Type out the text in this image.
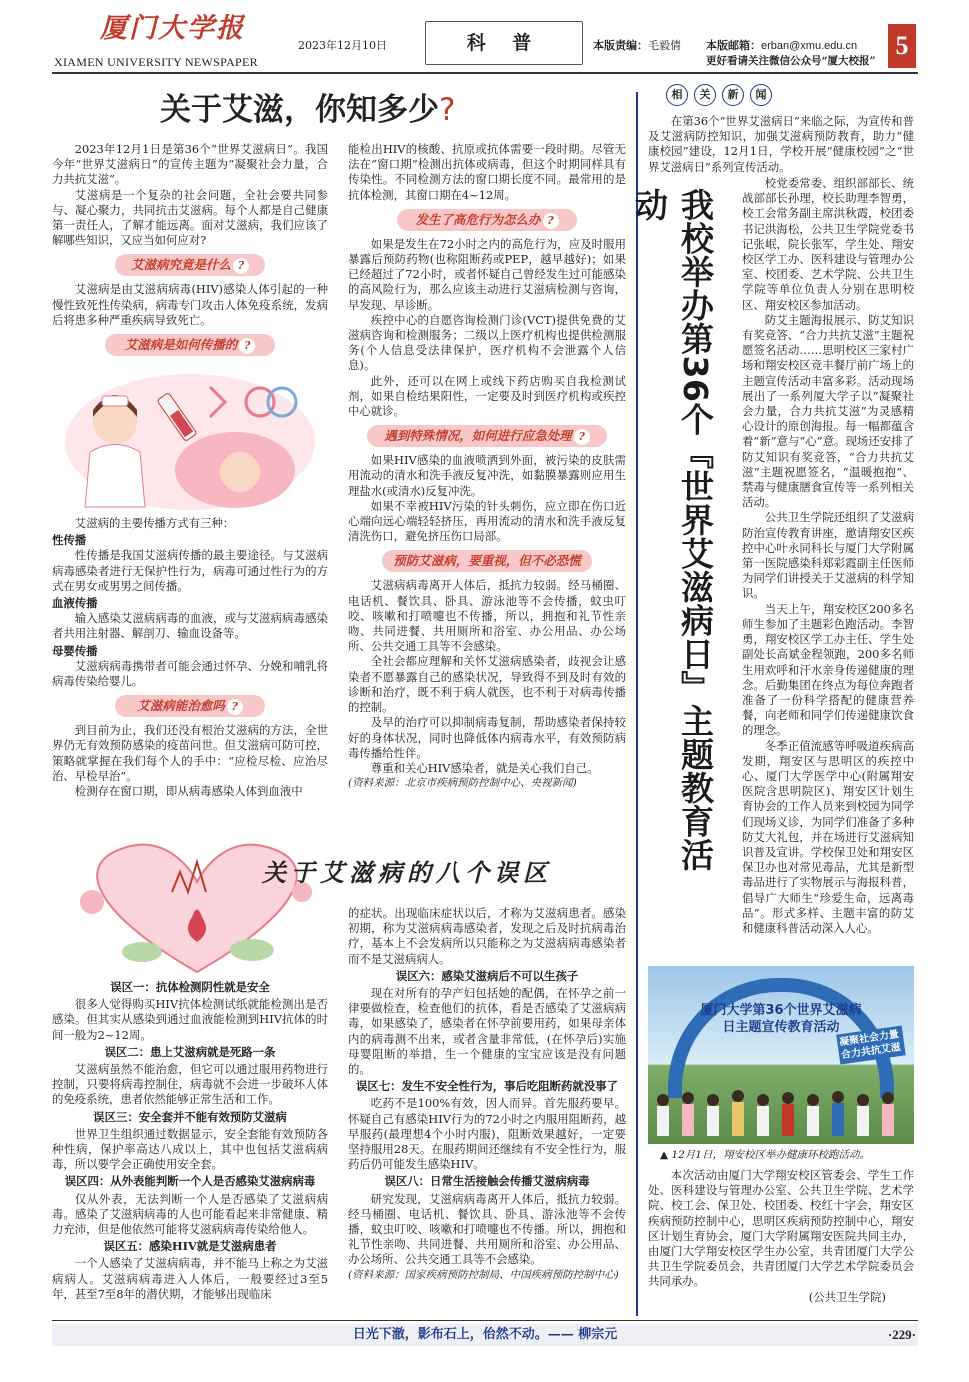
厦门大学报
XIAMEN UNIVERSITY NEWSPAPER
2023年12月10日	科 普	本版责编：毛毅倩 本版邮箱：erban@xmu.edu.cn
更好看请关注微信公众号“厦大校报”
5
关于艾滋，你知多少?

2023年12月1日是第36个“世界艾滋病日”。我国今年“世界艾滋病日”的宣传主题为“凝聚社会力量，合力共抗艾滋”。

艾滋病是一个复杂的社会问题，全社会要共同参与、凝心聚力，共同抗击艾滋病。每个人都是自己健康第一责任人，了解才能远离。面对艾滋病，我们应该了解哪些知识，又应当如何应对?

艾滋病究竟是什么 ?

艾滋病是由艾滋病病毒(HIV)感染人体引起的一种慢性致死性传染病，病毒专门攻击人体免疫系统，发病后将患多种严重疾病导致死亡。

艾滋病是如何传播的 ?

艾滋病的主要传播方式有三种：

性传播

性传播是我国艾滋病传播的最主要途径。与艾滋病病毒感染者进行无保护性行为，病毒可通过性行为的方式在男女或男男之间传播。

血液传播

输入感染艾滋病病毒的血液，或与艾滋病病毒感染者共用注射器、解剖刀、输血设备等。

母婴传播

艾滋病病毒携带者可能会通过怀孕、分娩和哺乳将病毒传染给婴儿。

艾滋病能治愈吗 ?

到目前为止，我们还没有根治艾滋病的方法，全世界仍无有效预防感染的疫苗问世。但艾滋病可防可控，策略就掌握在我们每个人的手中：“应检尽检、应治尽治、早检早治”。

检测存在窗口期，即从病毒感染人体到血液中

能检出HIV的核酸、抗原或抗体需要一段时期。尽管无法在“窗口期”检测出抗体或病毒，但这个时期同样具有传染性。不同检测方法的窗口期长度不同。最常用的是抗体检测，其窗口期在4~12周。

发生了高危行为怎么办 ?

如果是发生在72小时之内的高危行为，应及时服用暴露后预防药物(也称阻断药或PEP，越早越好)；如果已经超过了72小时，或者怀疑自己曾经发生过可能感染的高风险行为，那么应该主动进行艾滋病检测与咨询，早发现、早诊断。

疾控中心的自愿咨询检测门诊(VCT)提供免费的艾滋病咨询和检测服务；二级以上医疗机构也提供检测服务(个人信息受法律保护，医疗机构不会泄露个人信息)。

此外，还可以在网上或线下药店购买自我检测试剂，如果自检结果阳性，一定要及时到医疗机构或疾控中心就诊。

遇到特殊情况，如何进行应急处理 ?

如果HIV感染的血液喷洒到外面，被污染的皮肤需用流动的清水和洗手液反复冲洗，如黏膜暴露则应用生理盐水(或清水)反复冲洗。

如果不幸被HIV污染的针头刺伤，应立即在伤口近心端向远心端轻轻挤压，再用流动的清水和洗手液反复清洗伤口，避免挤压伤口局部。

预防艾滋病，要重视，但不必恐慌

艾滋病病毒离开人体后，抵抗力较弱。经马桶圈、电话机、餐饮具、卧具、游泳池等不会传播，蚊虫叮咬、咳嗽和打喷嚏也不传播，所以，拥抱和礼节性亲吻、共同进餐、共用厕所和浴室、办公用品、办公场所、公共交通工具等不会感染。

全社会都应理解和关怀艾滋病感染者，歧视会让感染者不愿暴露自己的感染状况，导致得不到及时有效的诊断和治疗，既不利于病人就医，也不利于对病毒传播的控制。

及早的治疗可以抑制病毒复制，帮助感染者保持较好的身体状况，同时也降低体内病毒水平，有效预防病毒传播给性伴。

尊重和关心HIV感染者，就是关心我们自己。

(资料来源：北京市疾病预防控制中心、央视新闻)
关于艾滋病的八个误区
误区一：抗体检测阴性就是安全

很多人觉得购买HIV抗体检测试纸就能检测出是否感染。但其实从感染到通过血液能检测到HIV抗体的时间一般为2~12周。

误区二：患上艾滋病就是死路一条

艾滋病虽然不能治愈，但它可以通过服用药物进行控制，只要将病毒控制住，病毒就不会进一步破坏人体的免疫系统，患者依然能够正常生活和工作。

误区三：安全套并不能有效预防艾滋病

世界卫生组织通过数据显示，安全套能有效预防各种性病，保护率高达八成以上，其中也包括艾滋病病毒，所以要学会正确使用安全套。

误区四：从外表能判断一个人是否感染艾滋病病毒

仅从外表，无法判断一个人是否感染了艾滋病病毒。感染了艾滋病病毒的人也可能看起来非常健康、精力充沛，但是他依然可能将艾滋病病毒传染给他人。

误区五：感染HIV就是艾滋病患者

一个人感染了艾滋病病毒，并不能马上称之为艾滋病病人。艾滋病病毒进入人体后，一般要经过3至5年，甚至7至8年的潜伏期，才能够出现临床

的症状。出现临床症状以后，才称为艾滋病患者。感染初期，称为艾滋病病毒感染者，发现之后及时抗病毒治疗，基本上不会发病所以只能称之为艾滋病病毒感染者而不是艾滋病病人。

误区六：感染艾滋病后不可以生孩子

现在对所有的孕产妇包括她的配偶，在怀孕之前一律要做检查，检查他们的抗体，看是否感染了艾滋病病毒，如果感染了，感染者在怀孕前要用药，如果母亲体内的病毒测不出来，或者含量非常低，(在怀孕后)实施母婴阻断的举措，生一个健康的宝宝应该是没有问题的。

误区七：发生不安全性行为，事后吃阻断药就没事了

吃药不是100%有效，因人而异。首先服药要早。怀疑自己有感染HIV行为的72小时之内服用阻断药，越早服药(最理想4个小时内服)，阻断效果越好，一定要坚持服用28天。在服药期间还继续有不安全性行为，服药后仍可能发生感染HIV。

误区八：日常生活接触会传播艾滋病病毒

研究发现，艾滋病病毒离开人体后，抵抗力较弱。经马桶圈、电话机、餐饮具、卧具、游泳池等不会传播，蚊虫叮咬、咳嗽和打喷嚏也不传播。所以，拥抱和礼节性亲吻、共同进餐、共用厕所和浴室、办公用品、办公场所、公共交通工具等不会感染。

(资料来源：国家疾病预防控制局、中国疾病预防控制中心)
相 关 新 闻

在第36个“世界艾滋病日”来临之际，为宣传和普及艾滋病防控知识，加强艾滋病预防教育，助力“健康校园”建设，12月1日，学校开展“健康校园”之“世界艾滋病日”系列宣传活动。

我校举办第36个『世界艾滋病日』主题教育活动

校党委常委、组织部部长、统战部部长孙理，校长助理李智勇，校工会常务副主席洪秋霞，校团委书记洪海松，公共卫生学院党委书记张岷，院长张军，学生处、翔安校区学工办、医科建设与管理办公室、校团委、艺术学院、公共卫生学院等单位负责人分别在思明校区、翔安校区参加活动。

防艾主题海报展示、防艾知识有奖竞答、“合力共抗艾滋”主题祝愿签名活动……思明校区三家村广场和翔安校区竞丰餐厅前广场上的主题宣传活动丰富多彩。活动现场展出了一系列厦大学子以“凝聚社会力量，合力共抗艾滋”为灵感精心设计的原创海报。每一幅都蕴含着“新”意与“心”意。现场还安排了防艾知识有奖竞答，“合力共抗艾滋”主题祝愿签名，“温暖抱抱”、禁毒与健康膳食宣传等一系列相关活动。

公共卫生学院还组织了艾滋病防治宣传教育讲座，邀请翔安区疾控中心叶永同科长与厦门大学附属第一医院感染科郑彩霞副主任医师为同学们讲授关于艾滋病的科学知识。

当天上午，翔安校区200多名师生参加了主题彩色跑活动。李智勇，翔安校区学工办主任、学生处副处长高斌金程领跑，200多名师生用欢呼和汗水亲身传递健康的理念。后勤集团在终点为每位奔跑者准备了一份科学搭配的健康营养餐，向老师和同学们传递健康饮食的理念。

冬季正值流感等呼吸道疾病高发期，翔安区与思明区的疾控中心、厦门大学医学中心(附属翔安医院含思明院区)、翔安区计划生育协会的工作人员来到校园为同学们现场义诊，为同学们准备了多种防艾大礼包，并在场进行艾滋病知识普及宣讲。学校保卫处和翔安区保卫办也对常见毒品，尤其是新型毒品进行了实物展示与海报科普，倡导广大师生“珍爱生命，远离毒品”。形式多样、主题丰富的防艾和健康科普活动深入人心。

厦门大学第36个世界艾滋病日主题宣传教育活动
凝聚社会力量 合力共抗艾滋
▲ 12月1日，翔安校区举办健康环校跑活动。

本次活动由厦门大学翔安校区管委会、学生工作处、医科建设与管理办公室、公共卫生学院、艺术学院、校工会、保卫处、校团委、校红十字会，翔安区疾病预防控制中心，思明区疾病预防控制中心，翔安区计划生育协会，厦门大学附属翔安医院共同主办，由厦门大学翔安校区学生办公室，共青团厦门大学公共卫生学院委员会，共青团厦门大学艺术学院委员会共同承办。

(公共卫生学院)
日光下澈，影布石上，佁然不动。—— 柳宗元	·229·
